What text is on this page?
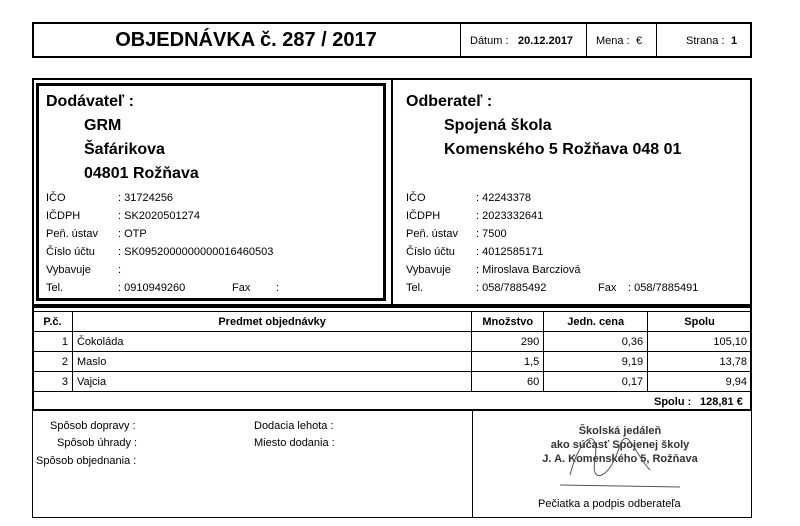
OBJEDNÁVKA č. 287 / 2017	Dátum : 20.12.2017 Mena : €	Strana : 1
Dodávateľ :
GRM
Šafárikova
04801 Rožňava
IČO	: 31724256
IČDPH	: SK2020501274
Peň. ústav : OTP
Číslo účtu : SK0952000000000016460503
Vybavuje :
Tel.	: 0910949260	Fax :
Odberateľ :
Spojená škola
Komenského 5 Rožňava 048 01
IČO	: 42243378
IČDPH	: 2023332641
Peň. ústav : 7500
Číslo účtu : 4012585171
Vybavuje : Miroslava Barcziová
Tel.	: 058/7885492	Fax : 058/7885491
P.č.	Predmet objednávky	Množstvo	Jedn. cena	Spolu
1	Čokoláda	290	0,36	105,10
2	Maslo	1,5	9,19	13,78
3	Vajcia	60	0,17	9,94
Spolu : 128,81 €
Spôsob dopravy :
Spôsob úhrady :
Spôsob objednania :
Dodacia lehota :
Miesto dodania :
Školská jedáleň
ako súčasť Spojenej školy
J. A. Komenského 5, Rožňava
Pečiatka a podpis odberateľa
